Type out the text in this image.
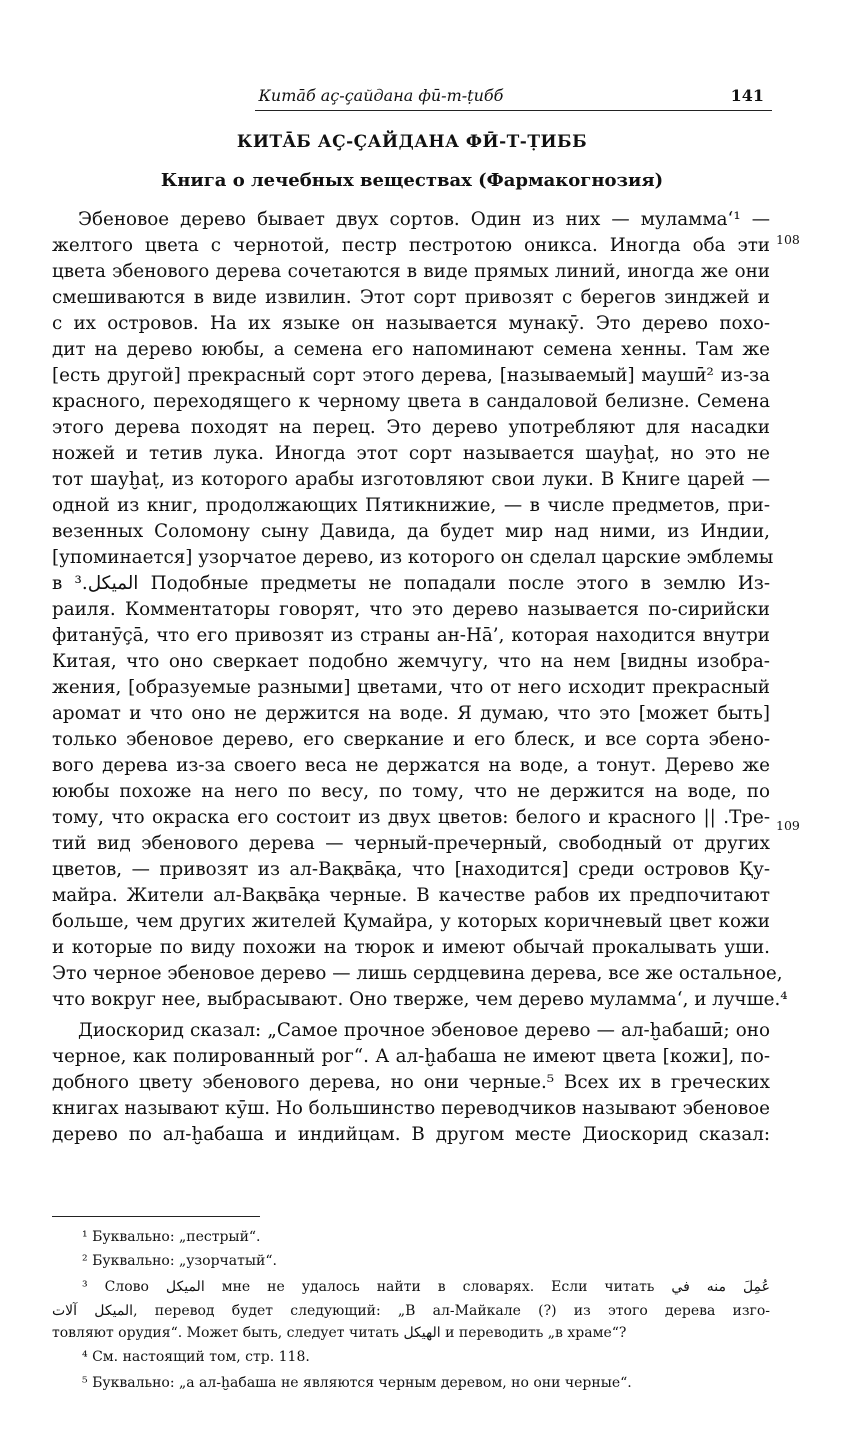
Китāб аç-çайдана фӣ-т-ṭибб	141
КИТĀБ АÇ-ÇАЙДАНА ФӢ-Т-ṬИББ
Книга о лечебных веществах (Фармакогнозия)
Эбеновое дерево бывает двух сортов. Один из них — муламма‘¹ —
желтого цвета с чернотой, пестр пестротою оникса. Иногда оба эти
цвета эбенового дерева сочетаются в виде прямых линий, иногда же они
смешиваются в виде извилин. Этот сорт привозят с берегов зинджей и
с их островов. На их языке он называется мунакӯ. Это дерево похо-
дит на дерево ююбы, а семена его напоминают семена хенны. Там же
[есть другой] прекрасный сорт этого дерева, [называемый] маушӣ² из-за
красного, переходящего к черному цвета в сандаловой белизне. Семена
этого дерева походят на перец. Это дерево употребляют для насадки
ножей и тетив лука. Иногда этот сорт называется шауḫаṭ, но это не
тот шауḫаṭ, из которого арабы изготовляют свои луки. В Книге царей —
одной из книг, продолжающих Пятикнижие, — в числе предметов, при-
везенных Соломону сыну Давида, да будет мир над ними, из Индии,
[упоминается] узорчатое дерево, из которого он сделал царские эмблемы
в المیکل.³ Подобные предметы не попадали после этого в землю Из-
раиля. Комментаторы говорят, что это дерево называется по-сирийски
фитанӯçā, что его привозят из страны ан-Нā’, которая находится внутри
Китая, что оно сверкает подобно жемчугу, что на нем [видны изобра-
жения, [образуемые разными] цветами, что от него исходит прекрасный
аромат и что оно не держится на воде. Я думаю, что это [может быть]
только эбеновое дерево, его сверкание и его блеск, и все сорта эбено-
вого дерева из-за своего веса не держатся на воде, а тонут. Дерево же
ююбы похоже на него по весу, по тому, что не держится на воде, по
тому, что окраска его состоит из двух цветов: белого и красного || .Тре-
тий вид эбенового дерева — черный-пречерный, свободный от других
цветов, — привозят из ал-Вақвāқа, что [находится] среди островов Қу-
майра. Жители ал-Вақвāқа черные. В качестве рабов их предпочитают
больше, чем других жителей Қумайра, у которых коричневый цвет кожи
и которые по виду похожи на тюрок и имеют обычай прокалывать уши.
Это черное эбеновое дерево — лишь сердцевина дерева, все же остальное,
что вокруг нее, выбрасывают. Оно тверже, чем дерево муламма‘, и лучше.⁴
Диоскорид сказал: „Самое прочное эбеновое дерево — ал-ḫабашӣ; оно
черное, как полированный рог“. А ал-ḫабаша не имеют цвета [кожи], по-
добного цвету эбенового дерева, но они черные.⁵ Всех их в греческих
книгах называют кӯш. Но большинство переводчиков называют эбеновое
дерево по ал-ḫабаша и индийцам. В другом месте Диоскорид сказал:
108
109
¹ Буквально: „пестрый“.
² Буквально: „узорчатый“.
³ Слово المیکل мне не удалось найти в словарях. Если читать عُمِلَ منه في
المیکل آلات, перевод будет следующий: „В ал-Майкале (?) из этого дерева изго-
товляют орудия“. Может быть, следует читать الهيكل и переводить „в храме“?
⁴ См. настоящий том, стр. 118.
⁵ Буквально: „а ал-ḫабаша не являются черным деревом, но они черные“.
